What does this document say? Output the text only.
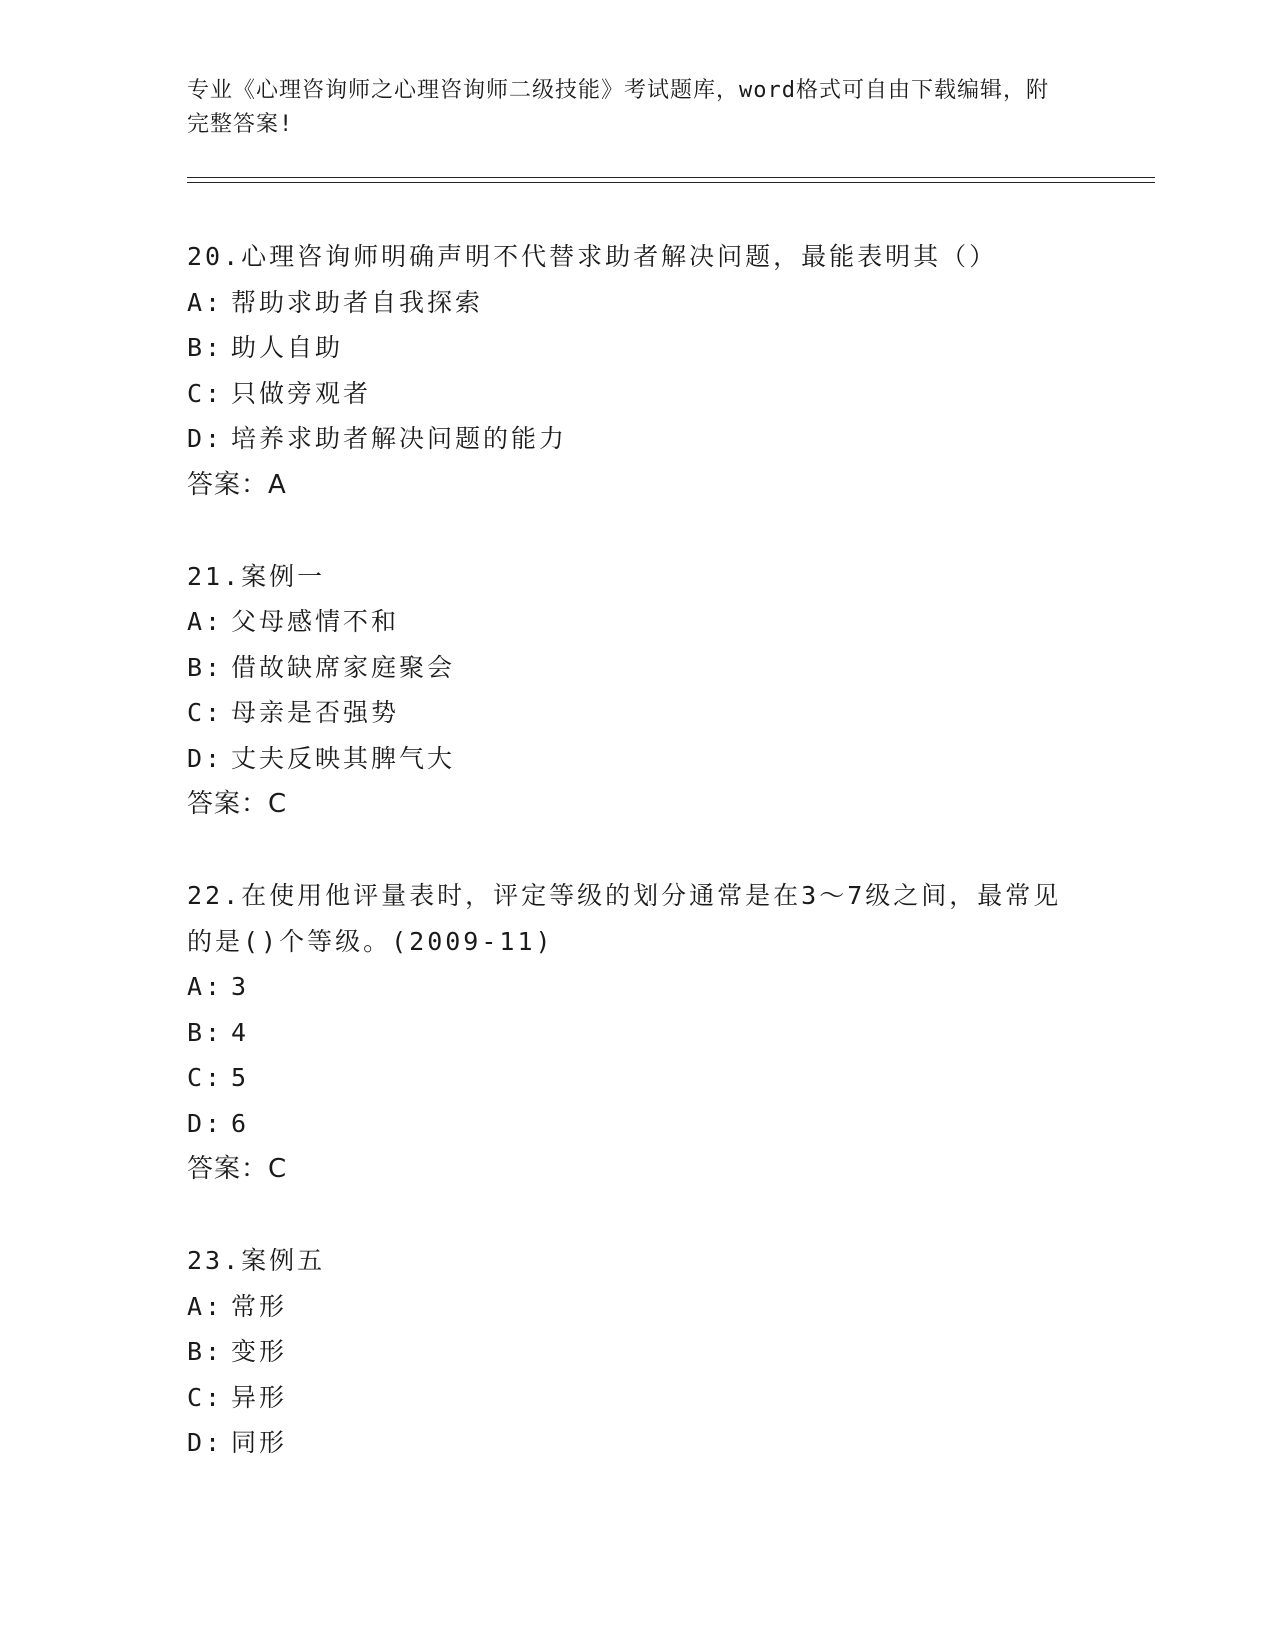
专业《心理咨询师之心理咨询师二级技能》考试题库，word格式可自由下载编辑，附完整答案!
20.心理咨询师明确声明不代替求助者解决问题，最能表明其（）
A: 帮助求助者自我探索
B: 助人自助
C: 只做旁观者
D: 培养求助者解决问题的能力
答案：A
21.案例一
A: 父母感情不和
B: 借故缺席家庭聚会
C: 母亲是否强势
D: 丈夫反映其脾气大
答案：C
22.在使用他评量表时，评定等级的划分通常是在3～7级之间，最常见的是()个等级。(2009-11)
A: 3
B: 4
C: 5
D: 6
答案：C
23.案例五
A: 常形
B: 变形
C: 异形
D: 同形
